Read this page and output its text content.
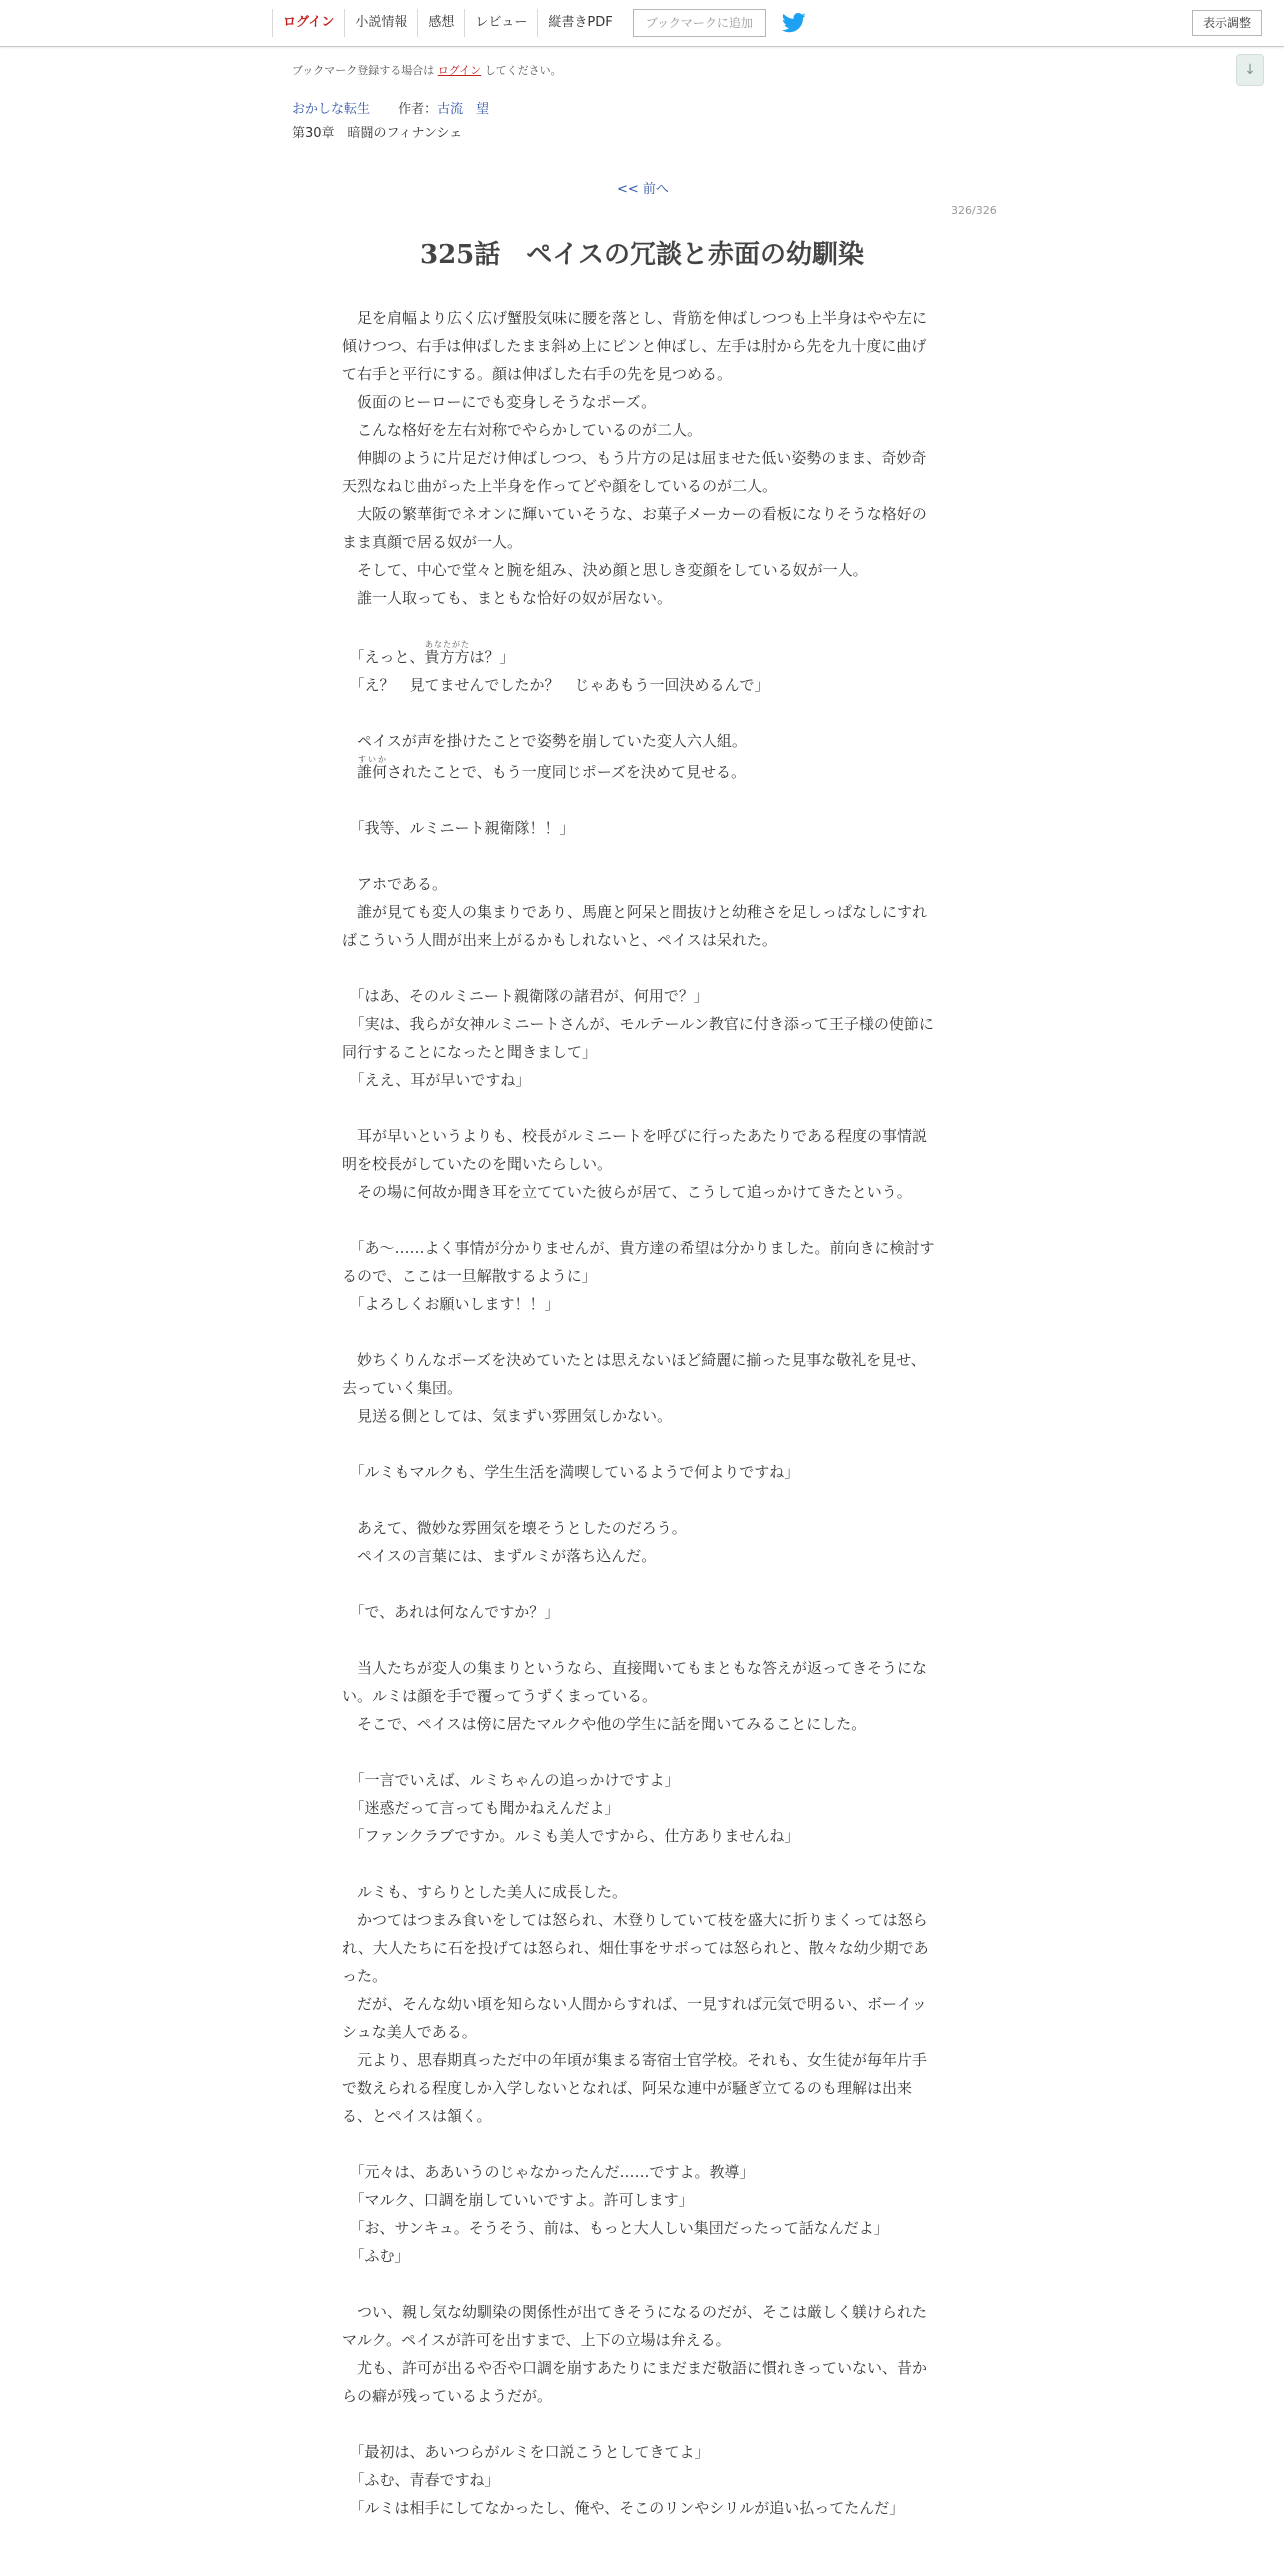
ログイン	小説情報	感想	レビュー	縦書きPDF	ブックマークに追加	表示調整
↓
ブックマーク登録する場合は ログイン してください。
おかしな転生 作者：古流　望
第30章　暗闘のフィナンシェ
<< 前へ
326/326
325話　ペイスの冗談と赤面の幼馴染

　足を肩幅より広く広げ蟹股気味に腰を落とし、背筋を伸ばしつつも上半身はやや左に傾けつつ、右手は伸ばしたまま斜め上にピンと伸ばし、左手は肘から先を九十度に曲げて右手と平行にする。顔は伸ばした右手の先を見つめる。

　仮面のヒーローにでも変身しそうなポーズ。

　こんな格好を左右対称でやらかしているのが二人。

　伸脚のように片足だけ伸ばしつつ、もう片方の足は屈ませた低い姿勢のまま、奇妙奇天烈なねじ曲がった上半身を作ってどや顔をしているのが二人。

　大阪の繁華街でネオンに輝いていそうな、お菓子メーカーの看板になりそうな格好のまま真顔で居る奴が一人。

　そして、中心で堂々と腕を組み、決め顔と思しき変顔をしている奴が一人。

　誰一人取っても、まともな恰好の奴が居ない。

　「えっと、貴方方あなたがたは？」

　「え？　見てませんでしたか？　じゃあもう一回決めるんで」

　ペイスが声を掛けたことで姿勢を崩していた変人六人組。

　誰何すいかされたことで、もう一度同じポーズを決めて見せる。

　「我等、ルミニート親衛隊！！」

　アホである。

　誰が見ても変人の集まりであり、馬鹿と阿呆と間抜けと幼稚さを足しっぱなしにすればこういう人間が出来上がるかもしれないと、ペイスは呆れた。

　「はあ、そのルミニート親衛隊の諸君が、何用で？」

　「実は、我らが女神ルミニートさんが、モルテールン教官に付き添って王子様の使節に同行することになったと聞きまして」

　「ええ、耳が早いですね」

　耳が早いというよりも、校長がルミニートを呼びに行ったあたりである程度の事情説明を校長がしていたのを聞いたらしい。

　その場に何故か聞き耳を立てていた彼らが居て、こうして追っかけてきたという。

　「あ～……よく事情が分かりませんが、貴方達の希望は分かりました。前向きに検討するので、ここは一旦解散するように」

　「よろしくお願いします！！」

　妙ちくりんなポーズを決めていたとは思えないほど綺麗に揃った見事な敬礼を見せ、去っていく集団。

　見送る側としては、気まずい雰囲気しかない。

　「ルミもマルクも、学生生活を満喫しているようで何よりですね」

　あえて、微妙な雰囲気を壊そうとしたのだろう。

　ペイスの言葉には、まずルミが落ち込んだ。

　「で、あれは何なんですか？」

　当人たちが変人の集まりというなら、直接聞いてもまともな答えが返ってきそうにない。ルミは顔を手で覆ってうずくまっている。

　そこで、ペイスは傍に居たマルクや他の学生に話を聞いてみることにした。

　「一言でいえば、ルミちゃんの追っかけですよ」

　「迷惑だって言っても聞かねえんだよ」

　「ファンクラブですか。ルミも美人ですから、仕方ありませんね」

　ルミも、すらりとした美人に成長した。

　かつてはつまみ食いをしては怒られ、木登りしていて枝を盛大に折りまくっては怒られ、大人たちに石を投げては怒られ、畑仕事をサボっては怒られと、散々な幼少期であった。

　だが、そんな幼い頃を知らない人間からすれば、一見すれば元気で明るい、ボーイッシュな美人である。

　元より、思春期真っただ中の年頃が集まる寄宿士官学校。それも、女生徒が毎年片手で数えられる程度しか入学しないとなれば、阿呆な連中が騒ぎ立てるのも理解は出来る、とペイスは頷く。

　「元々は、ああいうのじゃなかったんだ……ですよ。教導」

　「マルク、口調を崩していいですよ。許可します」

　「お、サンキュ。そうそう、前は、もっと大人しい集団だったって話なんだよ」

　「ふむ」

　つい、親し気な幼馴染の関係性が出てきそうになるのだが、そこは厳しく躾けられたマルク。ペイスが許可を出すまで、上下の立場は弁える。

　尤も、許可が出るや否や口調を崩すあたりにまだまだ敬語に慣れきっていない、昔からの癖が残っているようだが。

　「最初は、あいつらがルミを口説こうとしてきてよ」

　「ふむ、青春ですね」

　「ルミは相手にしてなかったし、俺や、そこのリンやシリルが追い払ってたんだ」
